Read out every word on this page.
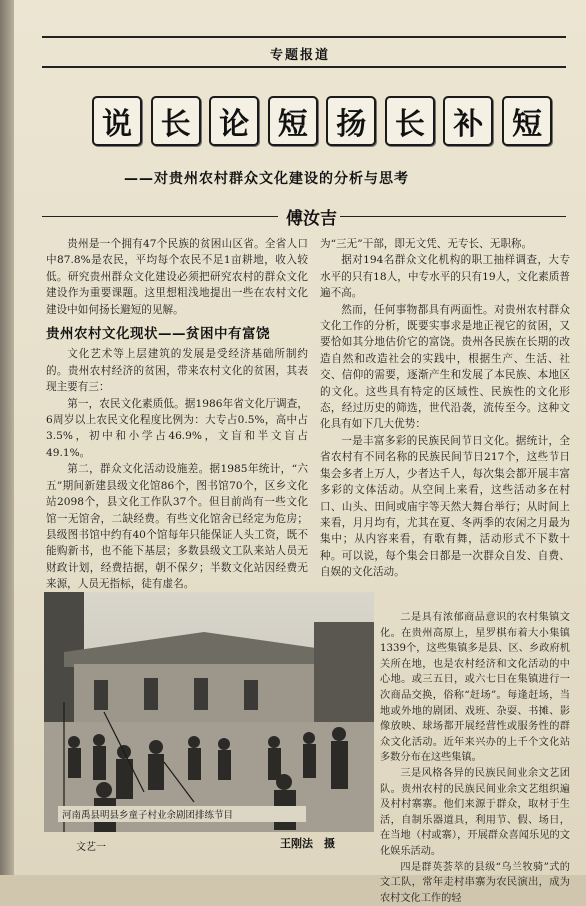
专题报道
说 长 论 短 扬 长 补 短
——对贵州农村群众文化建设的分析与思考
傅汝吉

贵州是一个拥有47个民族的贫困山区省。全省人口中87.8%是农民，平均每个农民不足1亩耕地，收入较低。研究贵州群众文化建设必须把研究农村的群众文化建设作为重要课题。这里想粗浅地提出一些在农村文化建设中如何扬长避短的见解。

贵州农村文化现状——贫困中有富饶

文化艺术等上层建筑的发展是受经济基础所制约的。贵州农村经济的贫困，带来农村文化的贫困，其表现主要有三：

第一，农民文化素质低。据1986年省文化厅调查，6周岁以上农民文化程度比例为：大专占0.5%，高中占3.5%，初中和小学占46.9%，文盲和半文盲占49.1%。

第二，群众文化活动设施差。据1985年统计，“六五”期间新建县级文化馆86个，图书馆70个，区乡文化站2098个，县文化工作队37个。但目前尚有一些文化馆一无馆舍，二缺经费。有些文化馆舍已经定为危房；县级图书馆中约有40个馆每年只能保证人头工资，既不能购新书，也不能下基层；多数县级文工队来站人员无财政计划，经费拮据，朝不保夕；半数文化站因经费无来源，人员无指标，徒有虚名。

为“三无”干部，即无文凭、无专长、无职称。

据对194名群众文化机构的职工抽样调查，大专水平的只有18人，中专水平的只有19人，文化素质普遍不高。

然而，任何事物都具有两面性。对贵州农村群众文化工作的分析，既要实事求是地正视它的贫困，又要恰如其分地估价它的富饶。贵州各民族在长期的改造自然和改造社会的实践中，根据生产、生活、社交、信仰的需要，逐渐产生和发展了本民族、本地区的文化。这些具有特定的区域性、民族性的文化形态，经过历史的筛选，世代沿袭，流传至今。这种文化具有如下几大优势：

一是丰富多彩的民族民间节日文化。据统计，全省农村有不同名称的民族民间节日217个，这些节日集会多者上万人，少者达千人，每次集会都开展丰富多彩的文体活动。从空间上来看，这些活动多在村口、山头、田间或庙宇等天然大舞台举行；从时间上来看，月月均有，尤其在夏、冬两季的农闲之月最为集中；从内容来看，有歌有舞，活动形式不下数十种。可以说，每个集会日都是一次群众自发、自费、自娱的文化活动。

二是具有浓郁商品意识的农村集镇文化。在贵州高原上，星罗棋布着大小集镇1339个，这些集镇多是县、区、乡政府机关所在地，也是农村经济和文化活动的中心地。或三五日，或六七日在集镇进行一次商品交换，俗称“赶场”。每逢赶场，当地或外地的剧团、戏班、杂耍、书摊、影像放映、球场都开展经营性或服务性的群众文化活动。近年来兴办的上千个文化站多数分布在这些集镇。

三是风格各异的民族民间业余文艺团队。贵州农村的民族民间业余文艺组织遍及村村寨寨。他们来源于群众，取材于生活，自制乐器道具，利用节、假、场日，在当地（村或寨），开展群众喜闻乐见的文化娱乐活动。

四是群英荟萃的县级“乌兰牧骑”式的文工队，常年走村串寨为农民演出，成为农村文化工作的轻

河南禹县明县乡童子村业余剧团排练节目
文艺一	王刚法　摄
